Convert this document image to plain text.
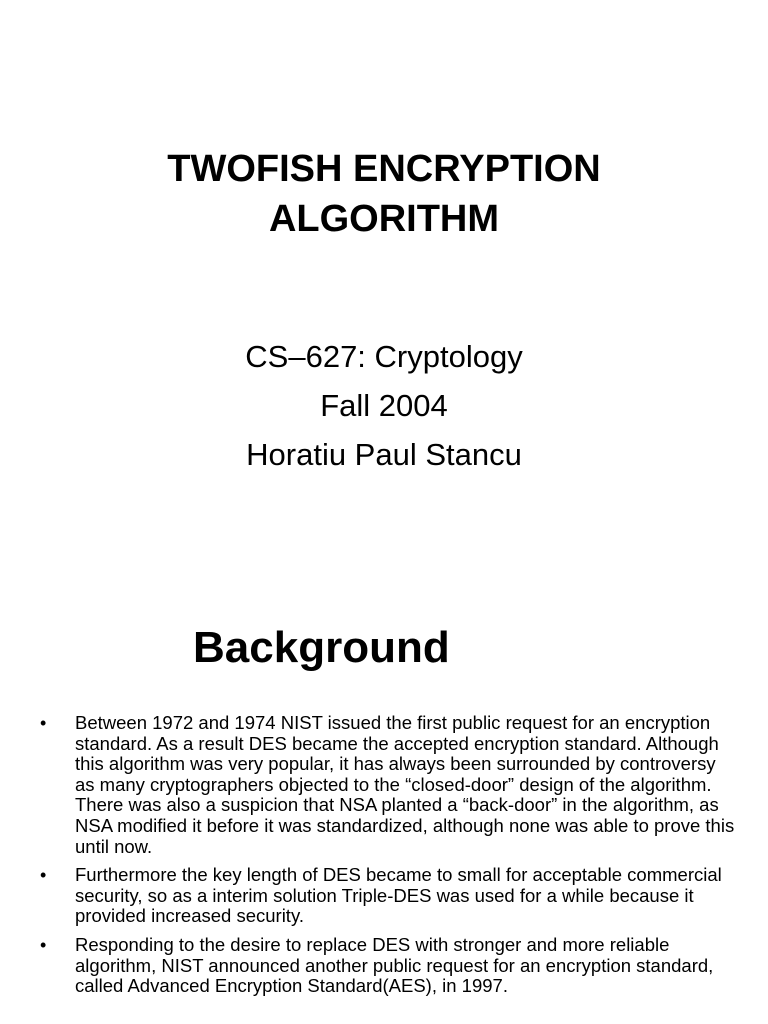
TWOFISH ENCRYPTION
ALGORITHM
CS–627: Cryptology
Fall 2004
Horatiu Paul Stancu
Background
• Between 1972 and 1974 NIST issued the first public request for an encryption standard. As a result DES became the accepted encryption standard. Although this algorithm was very popular, it has always been surrounded by controversy as many cryptographers objected to the “closed-door” design of the algorithm. There was also a suspicion that NSA planted a “back-door” in the algorithm, as NSA modified it before it was standardized, although none was able to prove this until now.
• Furthermore the key length of DES became to small for acceptable commercial security, so as a interim solution Triple-DES was used for a while because it provided increased security.
• Responding to the desire to replace DES with stronger and more reliable algorithm, NIST announced another public request for an encryption standard, called Advanced Encryption Standard(AES), in 1997.
